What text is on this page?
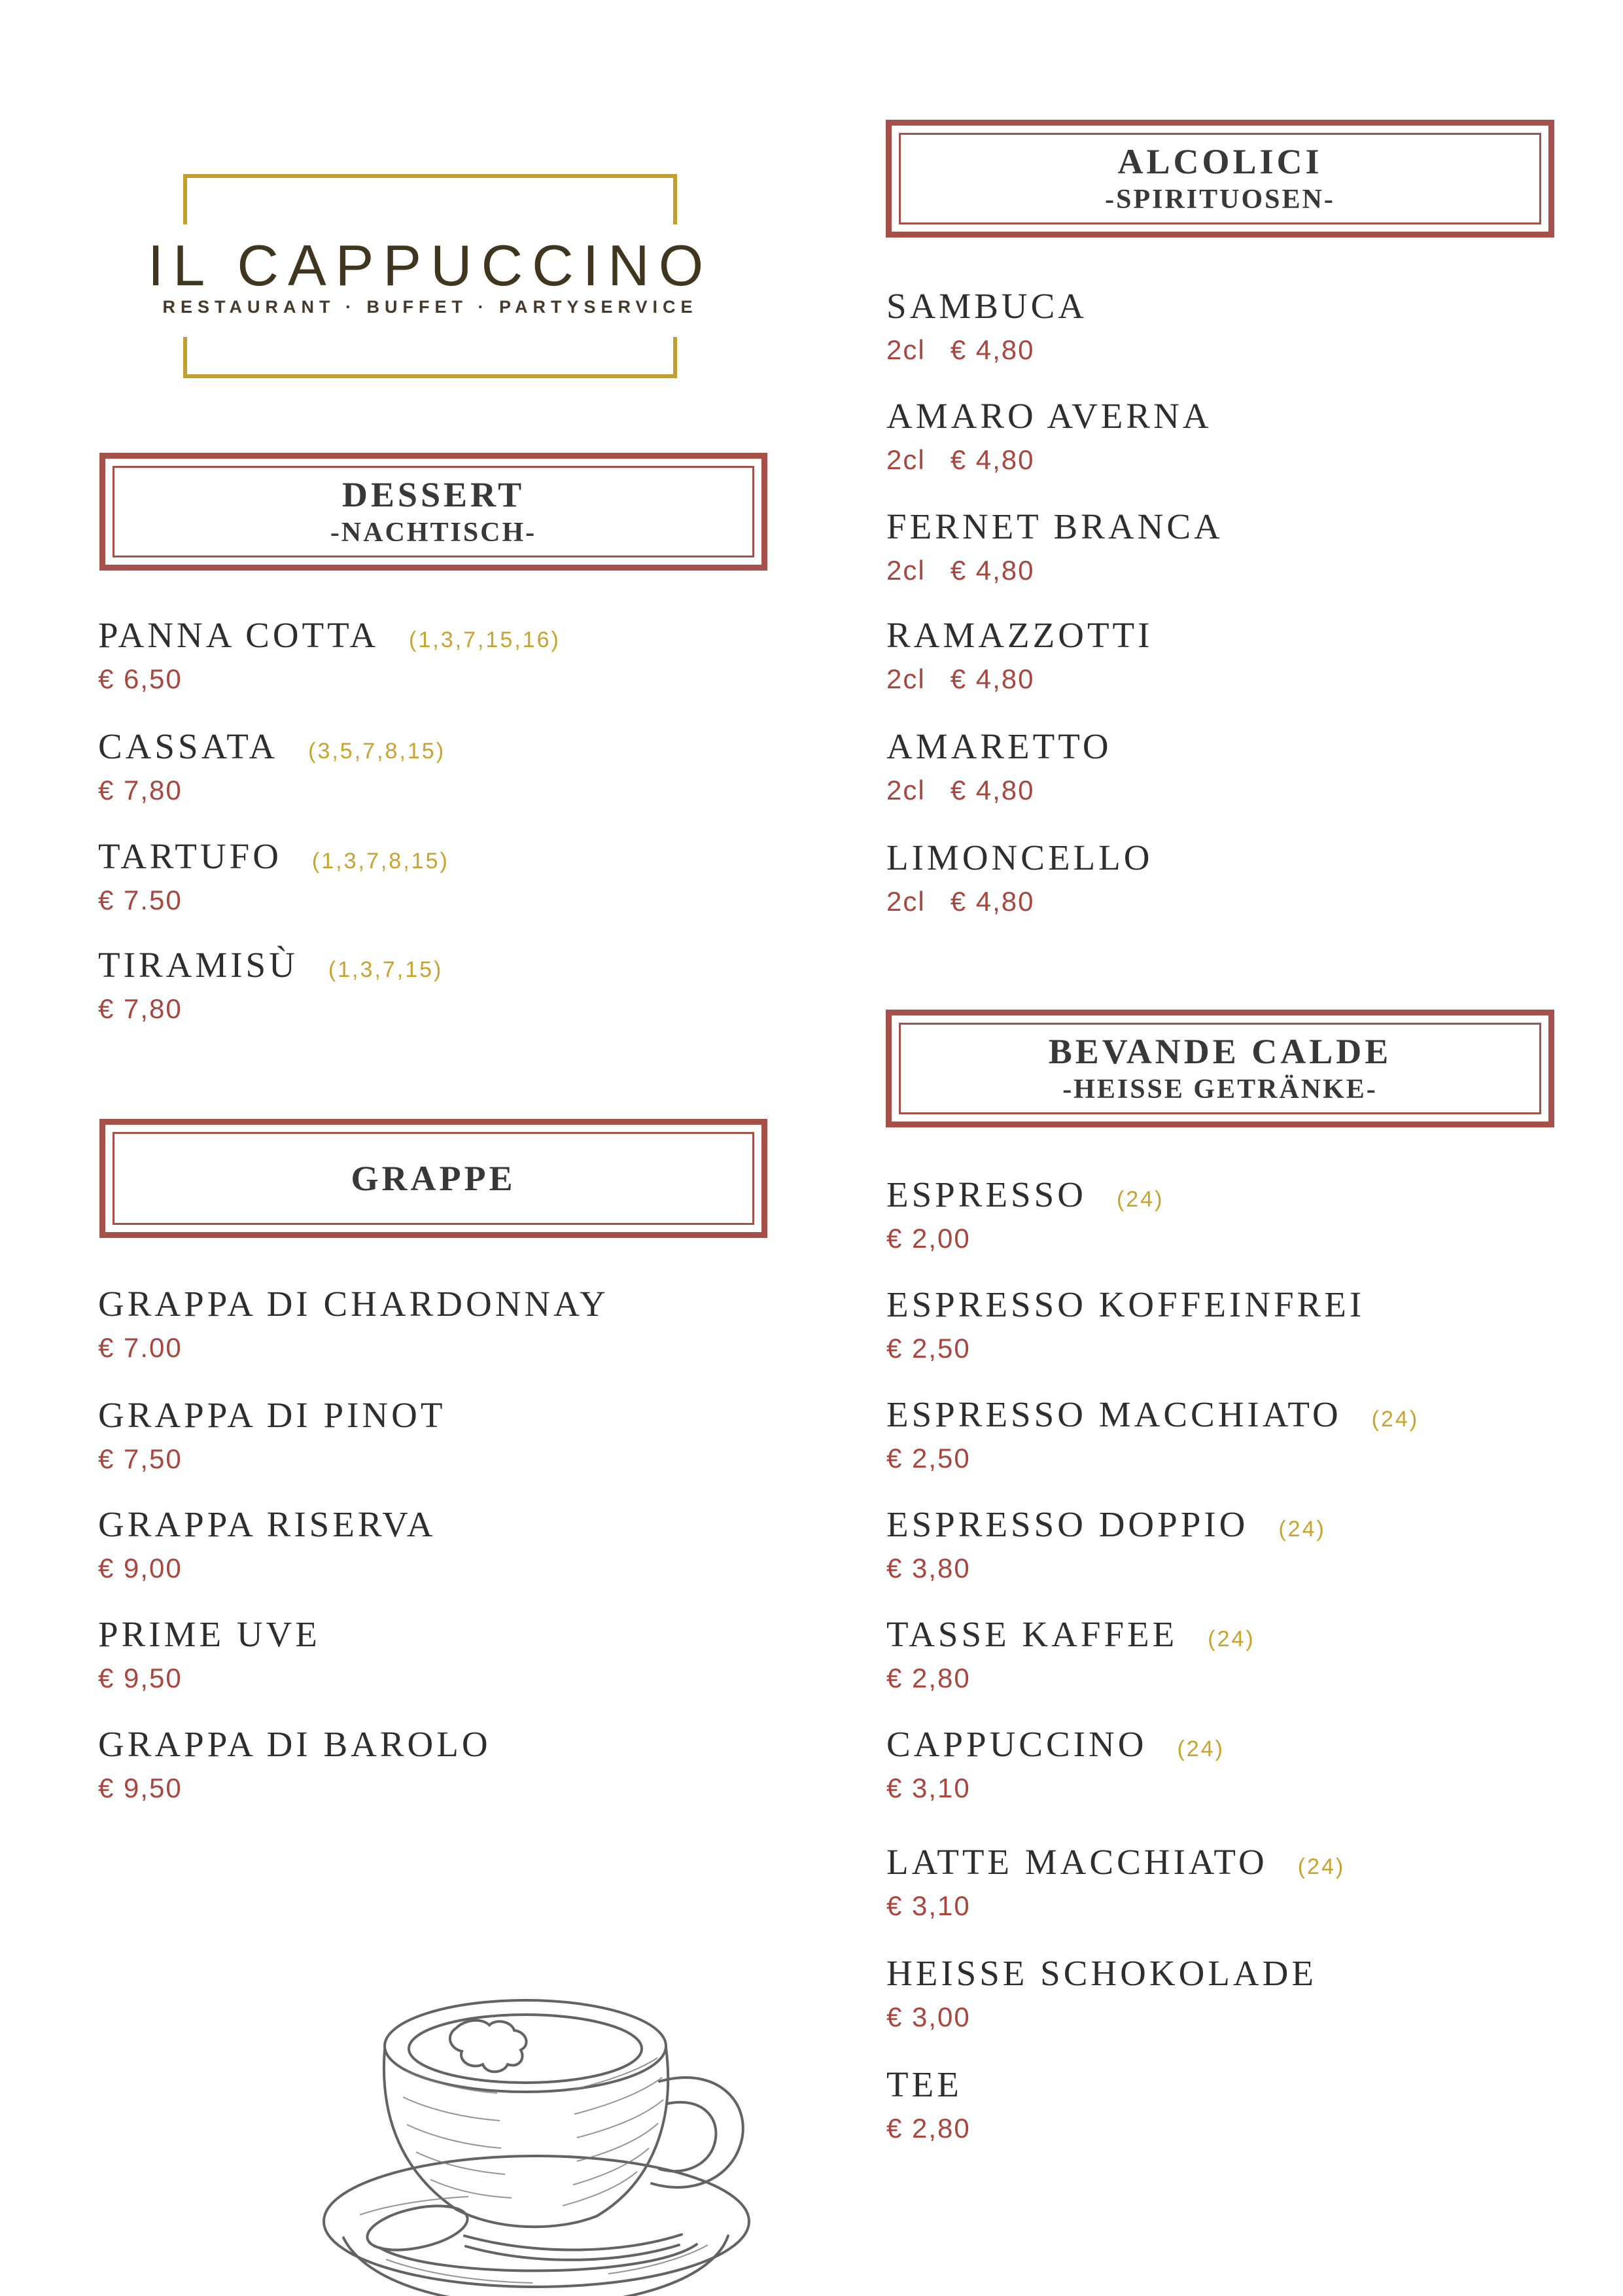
IL CAPPUCCINO
RESTAURANT · BUFFET · PARTYSERVICE
DESSERT
-NACHTISCH-
GRAPPE
ALCOLICI
-SPIRITUOSEN-
BEVANDE CALDE
-HEISSE GETRÄNKE-
PANNA COTTA (1,3,7,15,16)
€ 6,50
CASSATA (3,5,7,8,15)
€ 7,80
TARTUFO (1,3,7,8,15)
€ 7.50
TIRAMISÙ (1,3,7,15)
€ 7,80
GRAPPA DI CHARDONNAY
€ 7.00
GRAPPA DI PINOT
€ 7,50
GRAPPA RISERVA
€ 9,00
PRIME UVE
€ 9,50
GRAPPA DI BAROLO
€ 9,50
SAMBUCA
2cl € 4,80
AMARO AVERNA
2cl € 4,80
FERNET BRANCA
2cl € 4,80
RAMAZZOTTI
2cl € 4,80
AMARETTO
2cl € 4,80
LIMONCELLO
2cl € 4,80
ESPRESSO (24)
€ 2,00
ESPRESSO KOFFEINFREI
€ 2,50
ESPRESSO MACCHIATO (24)
€ 2,50
ESPRESSO DOPPIO (24)
€ 3,80
TASSE KAFFEE (24)
€ 2,80
CAPPUCCINO (24)
€ 3,10
LATTE MACCHIATO (24)
€ 3,10
HEISSE SCHOKOLADE
€ 3,00
TEE
€ 2,80
